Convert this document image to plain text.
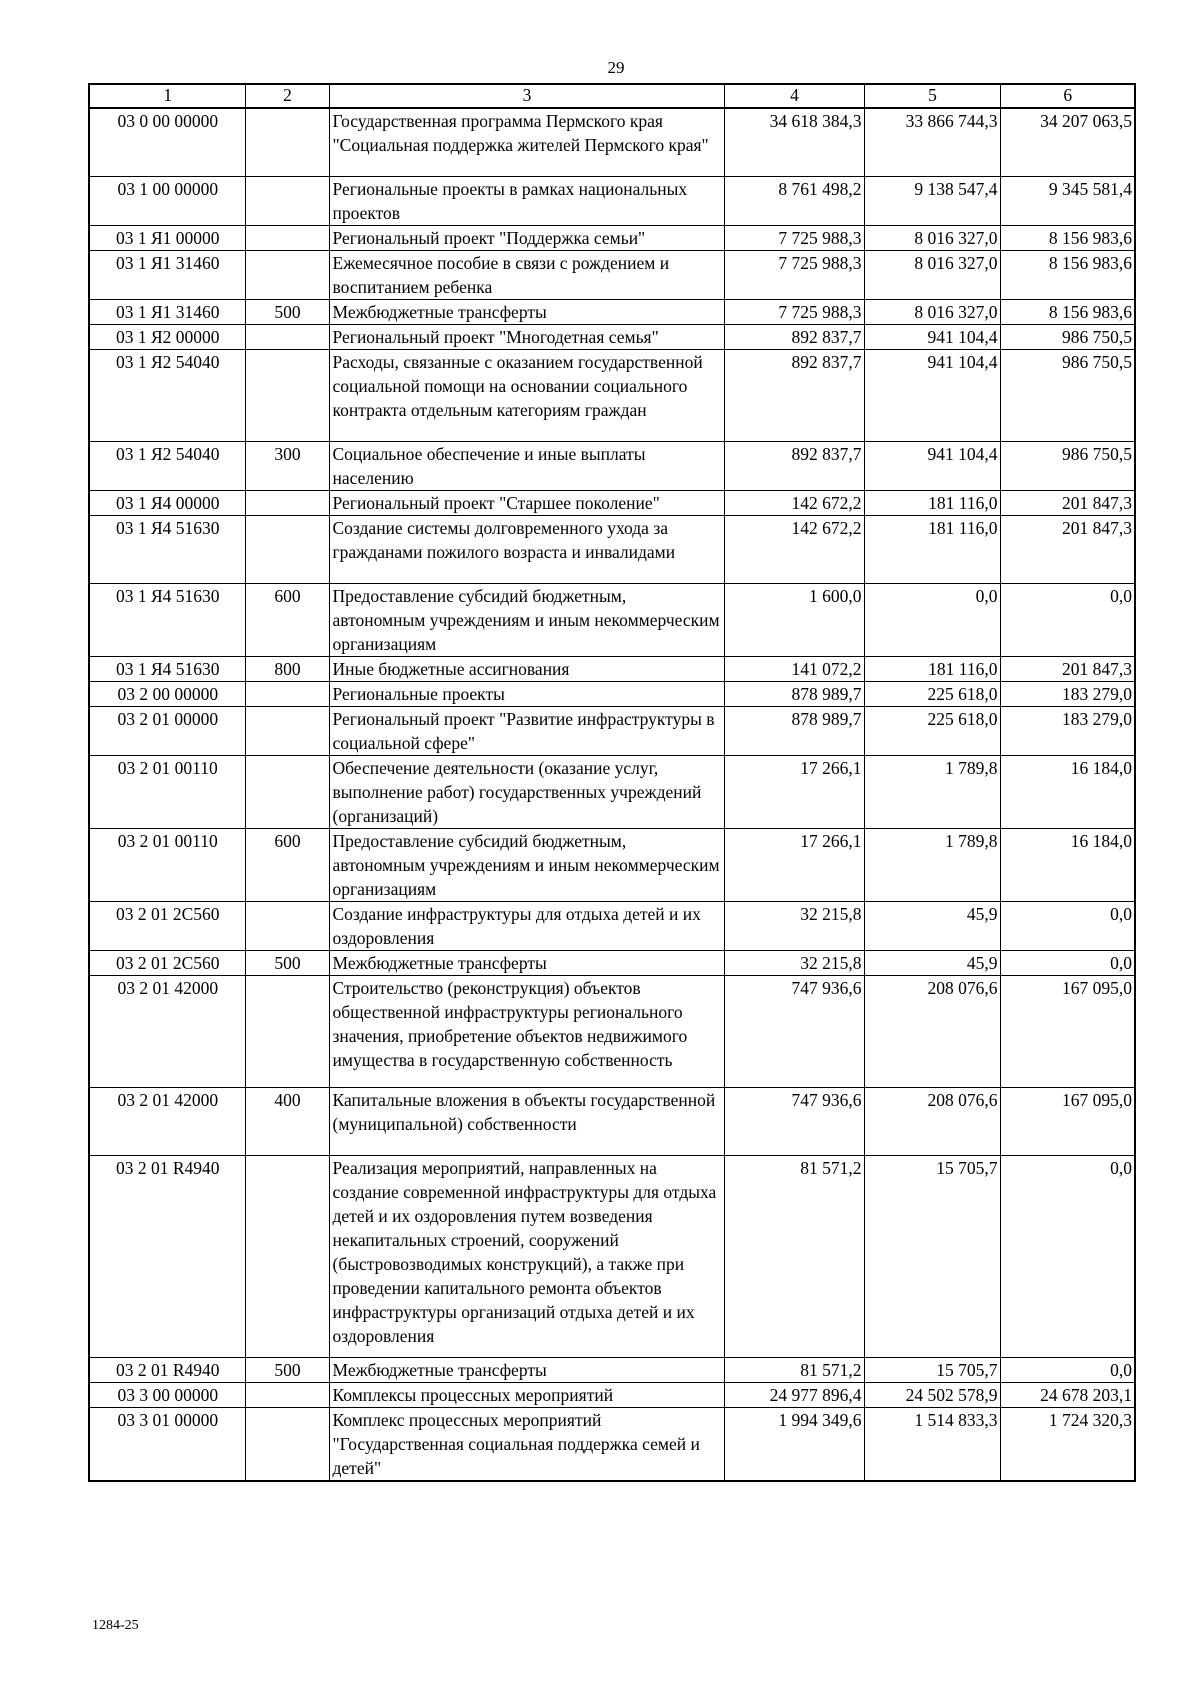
29
1	2	3	4	5	6
03 0 00 00000		Государственная программа Пермского края "Социальная поддержка жителей Пермского края"	34 618 384,3	33 866 744,3	34 207 063,5
03 1 00 00000		Региональные проекты в рамках национальных проектов	8 761 498,2	9 138 547,4	9 345 581,4
03 1 Я1 00000		Региональный проект "Поддержка семьи"	7 725 988,3	8 016 327,0	8 156 983,6
03 1 Я1 31460		Ежемесячное пособие в связи с рождением и воспитанием ребенка	7 725 988,3	8 016 327,0	8 156 983,6
03 1 Я1 31460	500	Межбюджетные трансферты	7 725 988,3	8 016 327,0	8 156 983,6
03 1 Я2 00000		Региональный проект "Многодетная семья"	892 837,7	941 104,4	986 750,5
03 1 Я2 54040		Расходы, связанные с оказанием государственной социальной помощи на основании социального контракта отдельным категориям граждан	892 837,7	941 104,4	986 750,5
03 1 Я2 54040	300	Социальное обеспечение и иные выплаты населению	892 837,7	941 104,4	986 750,5
03 1 Я4 00000		Региональный проект "Старшее поколение"	142 672,2	181 116,0	201 847,3
03 1 Я4 51630		Создание системы долговременного ухода за гражданами пожилого возраста и инвалидами	142 672,2	181 116,0	201 847,3
03 1 Я4 51630	600	Предоставление субсидий бюджетным, автономным учреждениям и иным некоммерческим организациям	1 600,0	0,0	0,0
03 1 Я4 51630	800	Иные бюджетные ассигнования	141 072,2	181 116,0	201 847,3
03 2 00 00000		Региональные проекты	878 989,7	225 618,0	183 279,0
03 2 01 00000		Региональный проект "Развитие инфраструктуры в социальной сфере"	878 989,7	225 618,0	183 279,0
03 2 01 00110		Обеспечение деятельности (оказание услуг, выполнение работ) государственных учреждений (организаций)	17 266,1	1 789,8	16 184,0
03 2 01 00110	600	Предоставление субсидий бюджетным, автономным учреждениям и иным некоммерческим организациям	17 266,1	1 789,8	16 184,0
03 2 01 2С560		Создание инфраструктуры для отдыха детей и их оздоровления	32 215,8	45,9	0,0
03 2 01 2С560	500	Межбюджетные трансферты	32 215,8	45,9	0,0
03 2 01 42000		Строительство (реконструкция) объектов общественной инфраструктуры регионального значения, приобретение объектов недвижимого имущества в государственную собственность	747 936,6	208 076,6	167 095,0
03 2 01 42000	400	Капитальные вложения в объекты государственной (муниципальной) собственности	747 936,6	208 076,6	167 095,0
03 2 01 R4940		Реализация мероприятий, направленных на создание современной инфраструктуры для отдыха детей и их оздоровления путем возведения некапитальных строений, сооружений (быстровозводимых конструкций), а также при проведении капитального ремонта объектов инфраструктуры организаций отдыха детей и их оздоровления	81 571,2	15 705,7	0,0
03 2 01 R4940	500	Межбюджетные трансферты	81 571,2	15 705,7	0,0
03 3 00 00000		Комплексы процессных мероприятий	24 977 896,4	24 502 578,9	24 678 203,1
03 3 01 00000		Комплекс процессных мероприятий "Государственная социальная поддержка семей и детей"	1 994 349,6	1 514 833,3	1 724 320,3
1284-25
